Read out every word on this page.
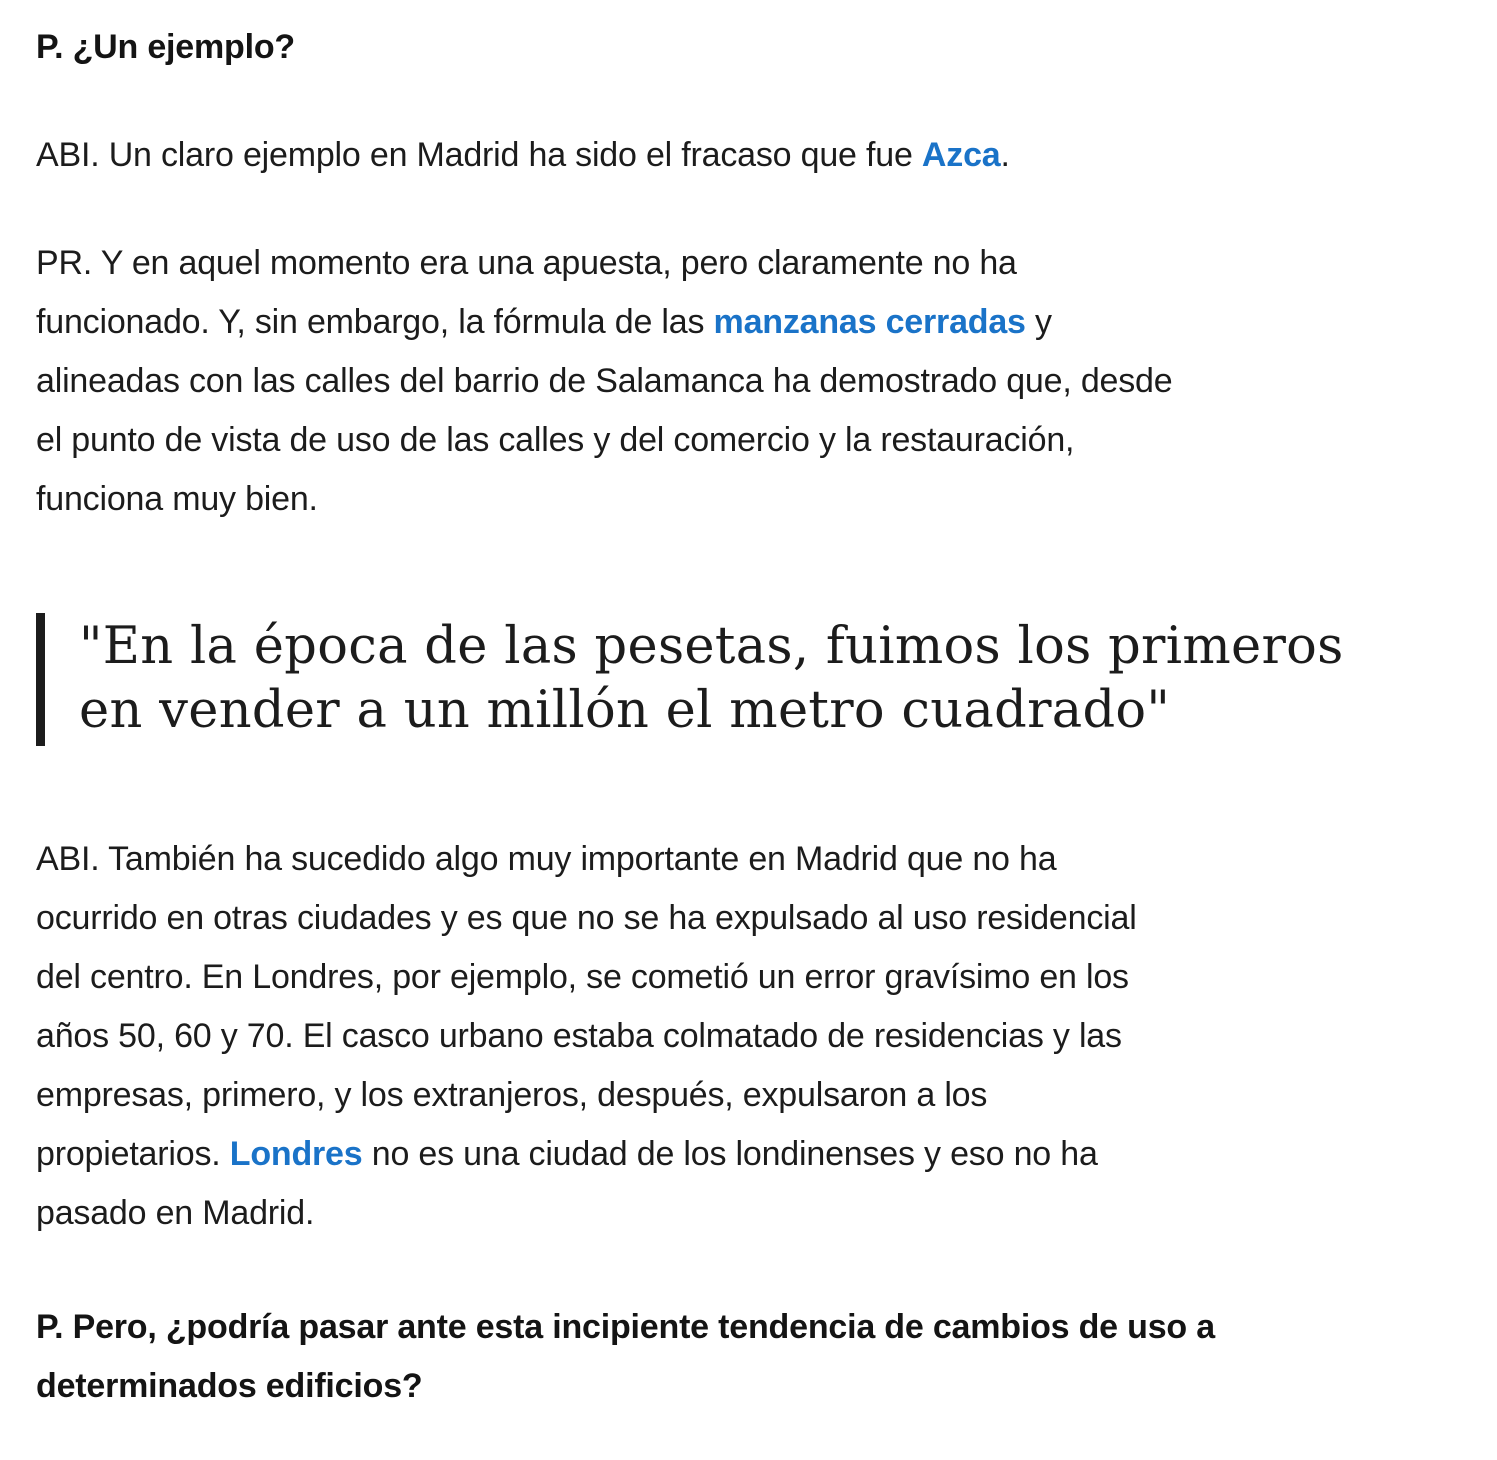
P. ¿Un ejemplo?

ABI. Un claro ejemplo en Madrid ha sido el fracaso que fue Azca.

PR. Y en aquel momento era una apuesta, pero claramente no ha
funcionado. Y, sin embargo, la fórmula de las manzanas cerradas y
alineadas con las calles del barrio de Salamanca ha demostrado que, desde
el punto de vista de uso de las calles y del comercio y la restauración,
funciona muy bien.

"En la época de las pesetas, fuimos los primeros
en vender a un millón el metro cuadrado"

ABI. También ha sucedido algo muy importante en Madrid que no ha
ocurrido en otras ciudades y es que no se ha expulsado al uso residencial
del centro. En Londres, por ejemplo, se cometió un error gravísimo en los
años 50, 60 y 70. El casco urbano estaba colmatado de residencias y las
empresas, primero, y los extranjeros, después, expulsaron a los
propietarios. Londres no es una ciudad de los londinenses y eso no ha
pasado en Madrid.

P. Pero, ¿podría pasar ante esta incipiente tendencia de cambios de uso a
determinados edificios?
